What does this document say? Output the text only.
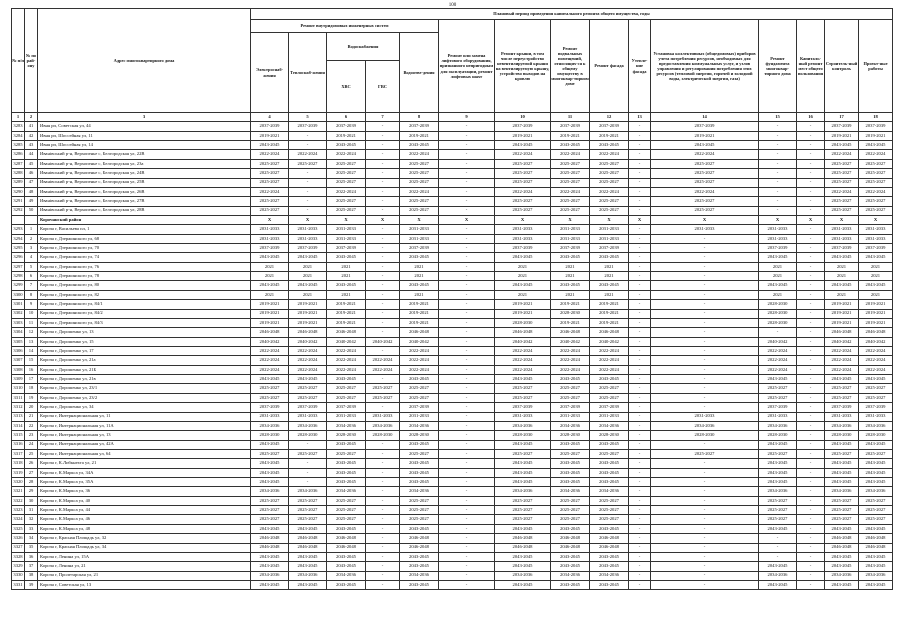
100
№ п/п	№ по рай-ону	Адрес многоквартирного дома	Плановый период проведения капитального ремонта общего имущества, годы														
			Ремонт внутридомовых инженерных систем					Ремонт или замена лифтового оборудования, признанного непригодным для эксплуатации, ремонт лифтовых шахт	Ремонт крыши, в том числе переустройство невентилируемой крыши на вентилируемую крышу, устройство выходов на кровлю	Ремонт подвальных помещений, относящих-ся к общему имуществу в многоквар-тирном доме	Ремонт фасада	Утепле-ние фасада	Установка коллективных (общедомовых) приборов учета потребления ресурсов, необходимых для предоставления коммунальных услуг, и узлов управления и регулирования потребления этих ресурсов (тепловой энергии, горячей и холодной воды, электрической энергии, газа)	Ремонт фундамента многоквар-тирного дома	Капиталь-ный ремонт мест общего пользования	Строитель-ный контроль	Проект-ные работы
			Электроснаб-жения	Теплоснаб-жения	Водоснабжения		Водоотве-дения										
					ХВС	ГВС											
1	2	3	4	5	6	7	8	9	10	11	12	13	14	15	16	17	18
3283	41	Ивня рп, Советская ул, 44	2037-2039	2037-2039	2037-2039	-	2037-2039	-	2037-2039	2037-2039	2037-2039	-	2037-2039	-	-	2037-2039	2037-2039
3284	42	Ивня рп, Шоссейная ул, 11	2019-2021	-	2019-2021	-	2019-2021	-	2019-2021	2019-2021	2019-2021	-	2019-2021	-	-	2019-2021	2019-2021
3285	43	Ивня рп, Шоссейная ул, 14	2043-2045	-	2043-2045	-	2043-2045	-	2043-2045	2043-2045	2043-2045	-	2043-2045	-	-	2043-2045	2043-2045
3286	44	Иванівський р-н, Верхопенье с, Белгородская ул, 22В	2022-2024	2022-2024	2022-2024	-	2022-2024	-	2022-2024	2022-2024	2022-2024	-	2022-2024	-	-	2022-2024	2022-2024
3287	45	Иванівський р-н, Верхопенье с, Белгородская ул, 23а	2025-2027	2025-2027	2025-2027	-	2025-2027	-	2025-2027	2025-2027	2025-2027	-	2025-2027	-	-	2025-2027	2025-2027
3288	46	Иванівський р-н, Верхопенье с, Белгородская ул, 24В	2025-2027	-	2025-2027	-	2025-2027	-	2025-2027	2025-2027	2025-2027	-	2025-2027	-	-	2025-2027	2025-2027
3289	47	Иванівський р-н, Верхопенье с, Белгородская ул, 25В	2025-2027	-	2025-2027	-	2025-2027	-	2025-2027	2025-2027	2025-2027	-	2025-2027	-	-	2025-2027	2025-2027
3290	48	Иванівський р-н, Верхопенье с, Белгородская ул, 26В	2022-2024	-	2022-2024	-	2022-2024	-	2022-2024	2022-2024	2022-2024	-	2022-2024	-	-	2022-2024	2022-2024
3291	49	Иванівський р-н, Верхопенье с, Белгородская ул, 27В	2025-2027	-	2025-2027	-	2025-2027	-	2025-2027	2025-2027	2025-2027	-	2025-2027	-	-	2025-2027	2025-2027
3292	50	Иванівський р-н, Верхопенье с, Белгородская ул, 28В	2025-2027	-	2025-2027	-	2025-2027	-	2025-2027	2025-2027	2025-2027	-	2025-2027	-	-	2025-2027	2025-2027
		Корочанский район	X	X	X	X	X	X	X	X	X	X	X	X	X	X	X
3293	1	Короча г, Васильева пл, 1	2031-2033	2031-2033	2031-2033	-	2031-2033	-	2031-2033	2031-2033	2031-2033	-	2031-2033	2031-2033	-	2031-2033	2031-2033
3294	2	Короча г, Дзержинского ул, 68	2031-2033	2031-2033	2031-2033	-	2031-2033	-	2031-2033	2031-2033	2031-2033	-	-	2031-2033	-	2031-2033	2031-2033
3295	3	Короча г, Дзержинского ул, 70	2037-2039	2037-2039	2037-2039	-	2037-2039	-	2037-2039	2037-2039	2037-2039	-	-	2037-2039	-	2037-2039	2037-2039
3296	4	Короча г, Дзержинского ул, 74	2043-2045	2043-2045	2043-2045	-	2043-2045	-	2043-2045	2043-2045	2043-2045	-	-	2043-2045	-	2043-2045	2043-2045
3297	5	Короча г, Дзержинского ул, 76	2021	2021	2021	-	2021	-	2021	2021	2021	-	-	2021	-	2021	2021
3298	6	Короча г, Дзержинского ул, 78	2021	2021	2021	-	2021	-	2021	2021	2021	-	-	2021	-	2021	2021
3299	7	Короча г, Дзержинского ул, 80	2043-2045	2043-2045	2043-2045	-	2043-2045	-	2043-2045	2043-2045	2043-2045	-	-	2043-2045	-	2043-2045	2043-2045
3300	8	Короча г, Дзержинского ул, 82	2021	2021	2021	-	2021	-	2021	2021	2021	-	-	2021	-	2021	2021
3301	9	Короча г, Дзержинского ул, 84/1	2019-2021	2019-2021	2019-2021	-	2019-2021	-	2019-2021	2019-2021	2019-2021	-	-	2028-2030	-	2019-2021	2019-2021
3302	10	Короча г, Дзержинского ул, 84/2	2019-2021	2019-2021	2019-2021	-	2019-2021	-	2019-2021	2028-2030	2019-2021	-	-	2028-2030	-	2019-2021	2019-2021
3303	11	Короча г, Дзержинского ул, 84/3	2019-2021	2019-2021	2019-2021	-	2019-2021	-	2028-2030	2019-2021	2019-2021	-	-	2028-2030	-	2019-2021	2019-2021
3304	12	Короча г, Дорошенко ул, 13	2046-2048	2046-2048	2046-2048	-	2046-2048	-	2046-2048	2046-2048	2046-2048	-	-	-	-	2046-2048	2046-2048
3305	13	Короча г, Дорошенко ул, 15	2040-2042	2040-2042	2040-2042	2040-2042	2040-2042	-	2040-2042	2040-2042	2040-2042	-	-	2040-2042	-	2040-2042	2040-2042
3306	14	Короча г, Дорошенко ул, 17	2022-2024	2022-2024	2022-2024	-	2022-2024	-	2022-2024	2022-2024	2022-2024	-	-	2022-2024	-	2022-2024	2022-2024
3307	15	Короча г, Дорошенко ул, 21а	2022-2024	2022-2024	2022-2024	2022-2024	2022-2024	-	2022-2024	2022-2024	2022-2024	-	-	2022-2024	-	2022-2024	2022-2024
3308	16	Короча г, Дорошенко ул, 21Б	2022-2024	2022-2024	2022-2024	2022-2024	2022-2024	-	2022-2024	2022-2024	2022-2024	-	-	2022-2024	-	2022-2024	2022-2024
3309	17	Короча г, Дорошенко ул, 21в	2043-2045	2043-2045	2043-2045	-	2043-2045	-	2043-2045	2043-2045	2043-2045	-	-	2043-2045	-	2043-2045	2043-2045
3310	18	Короча г, Дорошенко ул, 23/1	2025-2027	2025-2027	2025-2027	2025-2027	2025-2027	-	2025-2027	2025-2027	2025-2027	-	-	2025-2027	-	2025-2027	2025-2027
3311	19	Короча г, Дорошенко ул, 23/2	2025-2027	2025-2027	2025-2027	2025-2027	2025-2027	-	2025-2027	2025-2027	2025-2027	-	-	2025-2027	-	2025-2027	2025-2027
3312	20	Короча г, Дорошенко ул, 34	2037-2039	2037-2039	2037-2039	-	2037-2039	-	2037-2039	2037-2039	2037-2039	-	-	2037-2039	-	2037-2039	2037-2039
3313	21	Короча г, Интернациональная ул, 11	2031-2033	2031-2033	2031-2033	2031-2033	2031-2033	-	2031-2033	2031-2033	2031-2033	-	2031-2033	2031-2033	-	2031-2033	2031-2033
3314	22	Короча г, Интернациональная ул, 11А	2034-2036	2034-2036	2034-2036	2034-2036	2034-2036	-	2034-2036	2034-2036	2034-2036	-	2034-2036	2034-2036	-	2034-2036	2034-2036
3315	23	Короча г, Интернациональная ул, 13	2028-2030	2028-2030	2028-2030	2028-2030	2028-2030	-	2028-2030	2028-2030	2028-2030	-	2028-2030	2028-2030	-	2028-2030	2028-2030
3316	24	Короча г, Интернациональная ул, 42А	2043-2045	-	2043-2045	-	2043-2045	-	2043-2045	2043-2045	2043-2045	-	-	2043-2045	-	2043-2045	2043-2045
3317	25	Короча г, Интернациональная ул, 64	2025-2027	2025-2027	2025-2027	-	2025-2027	-	2025-2027	2025-2027	2025-2027	-	2025-2027	2025-2027	-	2025-2027	2025-2027
3318	26	Короча г, К.Либкнехта ул, 21	2043-2045	-	2043-2045	-	2043-2045	-	2043-2045	2043-2045	2043-2045	-	-	2043-2045	-	2043-2045	2043-2045
3319	27	Короча г, К.Маркса ул, 34А	2043-2045	-	2043-2045	-	2043-2045	-	2043-2045	2043-2045	2043-2045	-	-	2043-2045	-	2043-2045	2043-2045
3320	28	Короча г, К.Маркса ул, 35А	2043-2045	-	2043-2045	-	2043-2045	-	2043-2045	2043-2045	2043-2045	-	-	2043-2045	-	2043-2045	2043-2045
3321	29	Короча г, К.Маркса ул, 36	2034-2036	2034-2036	2034-2036	-	2034-2036	-	2034-2036	2034-2036	2034-2036	-	-	2034-2036	-	2034-2036	2034-2036
3322	30	Короча г, К.Маркса ул, 40	2025-2027	2025-2027	2025-2027	-	2025-2027	-	2025-2027	2025-2027	2025-2027	-	-	2025-2027	-	2025-2027	2025-2027
3323	31	Короча г, К.Маркса ул, 44	2025-2027	2025-2027	2025-2027	-	2025-2027	-	2025-2027	2025-2027	2025-2027	-	-	2025-2027	-	2025-2027	2025-2027
3324	32	Короча г, К.Маркса ул, 46	2025-2027	2025-2027	2025-2027	-	2025-2027	-	2025-2027	2025-2027	2025-2027	-	-	2025-2027	-	2025-2027	2025-2027
3325	33	Короча г, К.Маркса ул, 48	2043-2045	2043-2045	2043-2045	-	2043-2045	-	2043-2045	2043-2045	2043-2045	-	-	2043-2045	-	2043-2045	2043-2045
3326	34	Короча г, Красная Площадь ул, 32	2046-2048	2046-2048	2046-2048	-	2046-2048	-	2046-2048	2046-2048	2046-2048	-	-	-	-	2046-2048	2046-2048
3327	35	Короча г, Красная Площадь ул, 34	2046-2048	2046-2048	2046-2048	-	2046-2048	-	2046-2048	2046-2048	2046-2048	-	-	-	-	2046-2048	2046-2048
3328	36	Короча г, Ленина ул, 15А	2043-2045	2043-2045	2043-2045	-	2043-2045	-	2043-2045	2043-2045	2043-2045	-	-	-	-	2043-2045	2043-2045
3329	37	Короча г, Ленина ул, 21	2043-2045	2043-2045	2043-2045	-	2043-2045	-	2043-2045	2043-2045	2043-2045	-	-	2043-2045	-	2043-2045	2043-2045
3330	38	Короча г, Пролетарская ул, 21	2034-2036	2034-2036	2034-2036	-	2034-2036	-	2034-2036	2034-2036	2034-2036	-	-	2034-2036	-	2034-2036	2034-2036
3331	39	Короча г, Советская ул, 13	2043-2045	2043-2045	2043-2045	-	2043-2045	-	2043-2045	2043-2045	2043-2045	-	-	2043-2045	-	2043-2045	2043-2045
